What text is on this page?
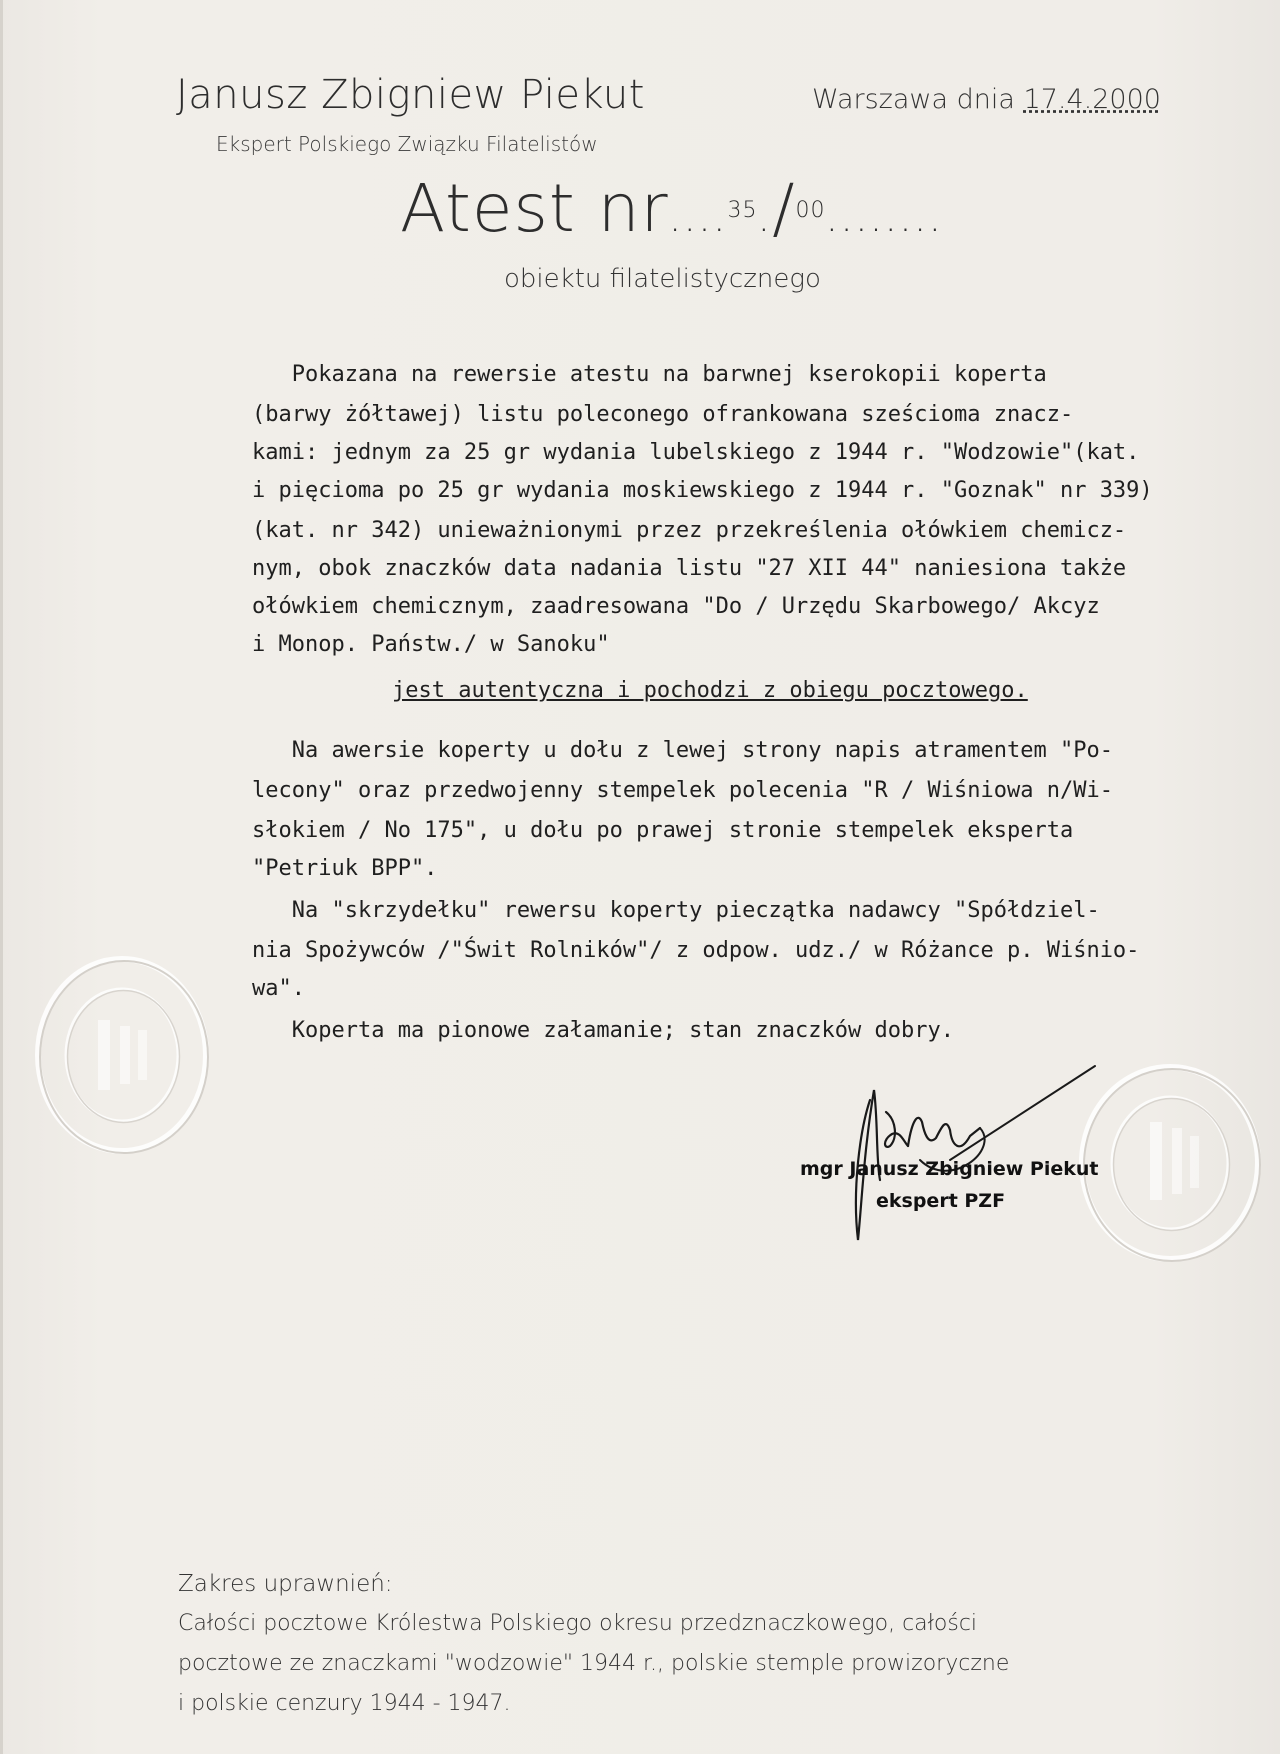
Janusz Zbigniew Piekut
Ekspert Polskiego Związku Filatelistów
Warszawa dnia 17.4.2000
Atest nr....$^{35}$./$^{00}$........
obiektu filatelistycznego
Pokazana na rewersie atestu na barwnej kserokopii koperta
(barwy żółtawej) listu poleconego ofrankowana sześcioma znacz-
kami: jednym za 25 gr wydania lubelskiego z 1944 r. "Wodzowie"(kat.
i pięcioma po 25 gr wydania moskiewskiego z 1944 r. "Goznak" nr 339)
(kat. nr 342) unieważnionymi przez przekreślenia ołówkiem chemicz-
nym, obok znaczków data nadania listu "27 XII 44" naniesiona także
ołówkiem chemicznym, zaadresowana "Do / Urzędu Skarbowego/ Akcyz
i Monop. Państw./ w Sanoku"
jest autentyczna i pochodzi z obiegu pocztowego.
Na awersie koperty u dołu z lewej strony napis atramentem "Po-
lecony" oraz przedwojenny stempelek polecenia "R / Wiśniowa n/Wi-
słokiem / No 175", u dołu po prawej stronie stempelek eksperta
"Petriuk BPP".
Na "skrzydełku" rewersu koperty pieczątka nadawcy "Spółdziel-
nia Spożywców /"Świt Rolników"/ z odpow. udz./ w Różance p. Wiśnio-
wa".
Koperta ma pionowe załamanie; stan znaczków dobry.
mgr Janusz Zbigniew Piekut
ekspert PZF
Zakres uprawnień:
Całości pocztowe Królestwa Polskiego okresu przedznaczkowego, całości
pocztowe ze znaczkami "wodzowie" 1944 r., polskie stemple prowizoryczne
i polskie cenzury 1944 - 1947.
